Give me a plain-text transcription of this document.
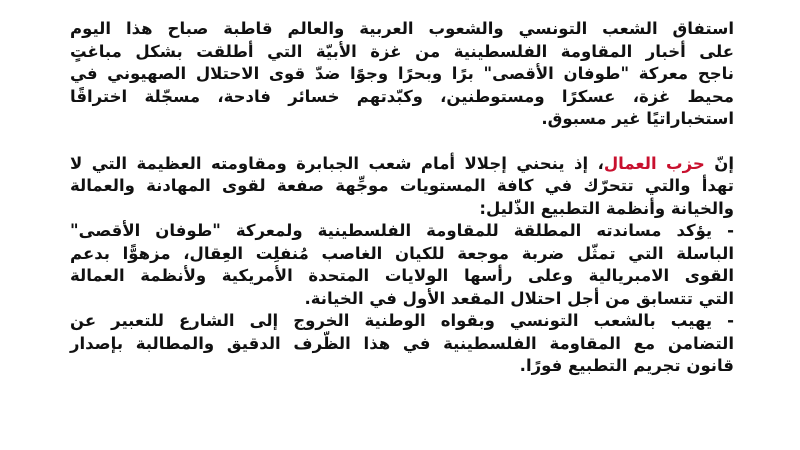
استفاق الشعب التونسي والشعوب العربية والعالم قاطبة صباح هذا اليوم
على أخبار المقاومة الفلسطينية من غزة الأبيّة التي أطلقت بشكل مباغتٍ
ناجح معركة "طوفان الأقصى" برًا وبحرًا وجوًا ضدّ قوى الاحتلال الصهيوني في
محيط غزة، عسكرًا ومستوطنين، وكبّدتهم خسائر فادحة، مسجّلة اختراقًا
استخباراتيًا غير مسبوق.
إنّ حزب العمال، إذ ينحني إجلالا أمام شعب الجبابرة ومقاومته العظيمة التي لا
تهدأ والتي تتحرّك في كافة المستويات موجِّهة صفعة لقوى المهادنة والعمالة
والخيانة وأنظمة التطبيع الذّليل:
- يؤكد مساندته المطلقة للمقاومة الفلسطينية ولمعركة "طوفان الأقصى"
الباسلة التي تمثّل ضربة موجعة للكيان الغاصب مُنفلِت العِقال، مزهوًّا بدعم
القوى الامبريالية وعلى رأسها الولايات المتحدة الأمريكية ولأنظمة العمالة
التي تتسابق من أجل احتلال المقعد الأول في الخيانة.
- يهيب بالشعب التونسي وبقواه الوطنية الخروج إلى الشارع للتعبير عن
التضامن مع المقاومة الفلسطينية في هذا الظّرف الدقيق والمطالبة بإصدار
قانون تجريم التطبيع فورًا.
